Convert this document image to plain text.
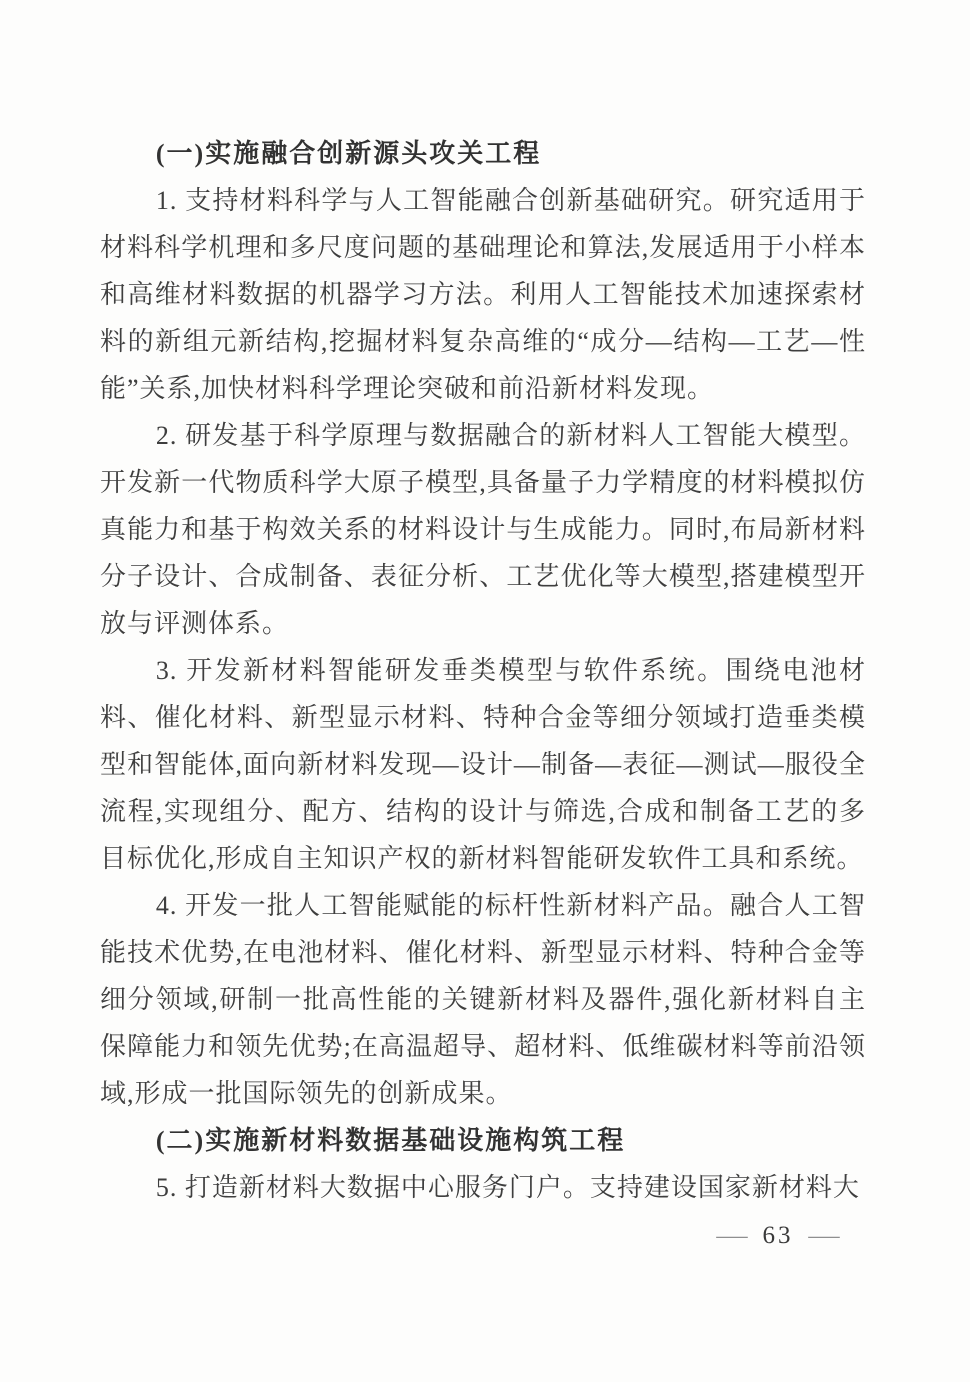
(一)实施融合创新源头攻关工程

1. 支持材料科学与人工智能融合创新基础研究。研究适用于材料科学机理和多尺度问题的基础理论和算法,发展适用于小样本和高维材料数据的机器学习方法。利用人工智能技术加速探索材料的新组元新结构,挖掘材料复杂高维的“成分—结构—工艺—性能”关系,加快材料科学理论突破和前沿新材料发现。

2. 研发基于科学原理与数据融合的新材料人工智能大模型。开发新一代物质科学大原子模型,具备量子力学精度的材料模拟仿真能力和基于构效关系的材料设计与生成能力。同时,布局新材料分子设计、合成制备、表征分析、工艺优化等大模型,搭建模型开放与评测体系。

3. 开发新材料智能研发垂类模型与软件系统。围绕电池材料、催化材料、新型显示材料、特种合金等细分领域打造垂类模型和智能体,面向新材料发现—设计—制备—表征—测试—服役全流程,实现组分、配方、结构的设计与筛选,合成和制备工艺的多目标优化,形成自主知识产权的新材料智能研发软件工具和系统。

4. 开发一批人工智能赋能的标杆性新材料产品。融合人工智能技术优势,在电池材料、催化材料、新型显示材料、特种合金等细分领域,研制一批高性能的关键新材料及器件,强化新材料自主保障能力和领先优势;在高温超导、超材料、低维碳材料等前沿领域,形成一批国际领先的创新成果。

(二)实施新材料数据基础设施构筑工程

5. 打造新材料大数据中心服务门户。支持建设国家新材料大

— 63 —
